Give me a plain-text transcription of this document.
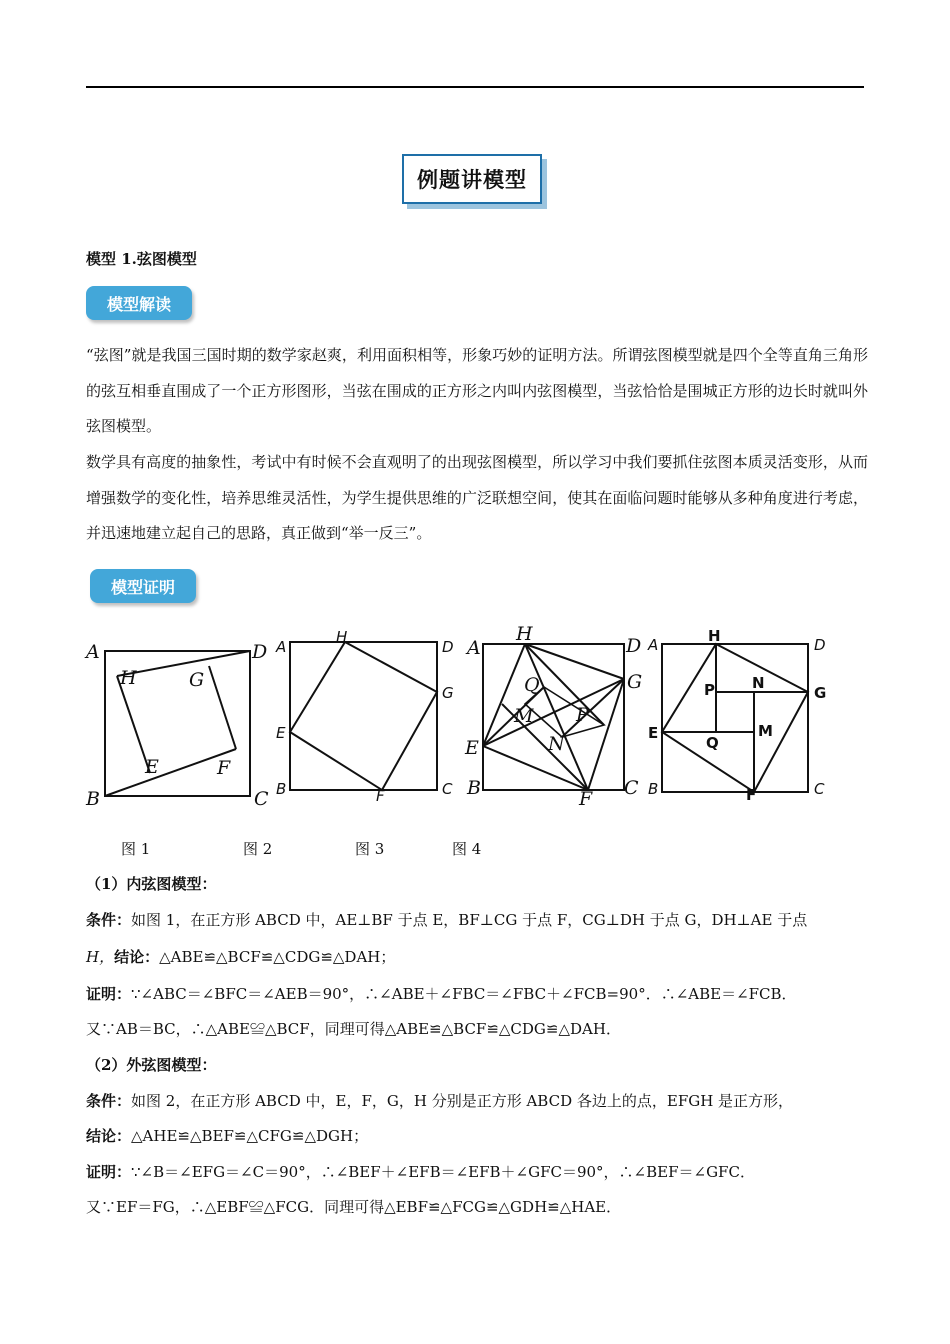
例题讲模型
模型 1.弦图模型
模型解读
“弦图”就是我国三国时期的数学家赵爽，利用面积相等，形象巧妙的证明方法。所谓弦图模型就是四个全等直角三角形的弦互相垂直围成了一个正方形图形，当弦在围成的正方形之内叫内弦图模型，当弦恰恰是围城正方形的边长时就叫外弦图模型。
数学具有高度的抽象性，考试中有时候不会直观明了的出现弦图模型，所以学习中我们要抓住弦图本质灵活变形，从而增强数学的变化性，培养思维灵活性，为学生提供思维的广泛联想空间，使其在面临问题时能够从多种角度进行考虑，并迅速地建立起自己的思路，真正做到“举一反三”。
模型证明
A	D
B	C
H	G
E	F
A
H
D
G
E
B	F	C
A
H
D
G
Q
M P
N
E
B	F C
A	H	D
G
P N
M
E
Q
B	F	C
图 1	图 2	图 3	图 4
（1）内弦图模型：
条件：如图 1，在正方形 ABCD 中，AE⊥BF 于点 E，BF⊥CG 于点 F，CG⊥DH 于点 G，DH⊥AE 于点
H，结论：△ABE≌△BCF≌△CDG≌△DAH；
证明：∵∠ABC＝∠BFC＝∠AEB＝90°，∴∠ABE＋∠FBC＝∠FBC＋∠FCB=90°．∴∠ABE＝∠FCB．
又∵AB＝BC，∴△ABE≌△BCF，同理可得△ABE≌△BCF≌△CDG≌△DAH．
（2）外弦图模型：
条件：如图 2，在正方形 ABCD 中，E，F，G，H 分别是正方形 ABCD 各边上的点，EFGH 是正方形，
结论：△AHE≌△BEF≌△CFG≌△DGH；
证明：∵∠B＝∠EFG＝∠C＝90°，∴∠BEF＋∠EFB＝∠EFB＋∠GFC＝90°，∴∠BEF＝∠GFC．
又∵EF＝FG，∴△EBF≌△FCG．同理可得△EBF≌△FCG≌△GDH≌△HAE．
